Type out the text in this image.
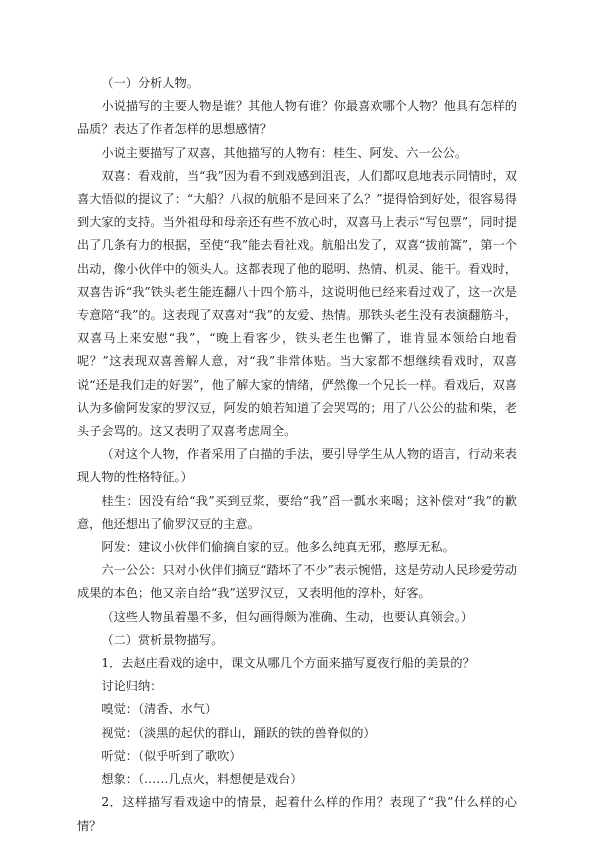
（一）分析人物。

小说描写的主要人物是谁？其他人物有谁？你最喜欢哪个人物？他具有怎样的品质？表达了作者怎样的思想感情？

小说主要描写了双喜，其他描写的人物有：桂生、阿发、六一公公。

双喜：看戏前，当“我”因为看不到戏感到沮丧，人们都叹息地表示同情时，双喜大悟似的提议了：“大船？八叔的航船不是回来了么？”提得恰到好处，很容易得到大家的支持。当外祖母和母亲还有些不放心时，双喜马上表示“写包票”，同时提出了几条有力的根据，至使“我”能去看社戏。航船出发了，双喜“拔前篙”，第一个出动，像小伙伴中的领头人。这都表现了他的聪明、热情、机灵、能干。看戏时，双喜告诉“我”铁头老生能连翻八十四个筋斗，这说明他已经来看过戏了，这一次是专意陪“我”的。这表现了双喜对“我”的友爱、热情。那铁头老生没有表演翻筋斗，双喜马上来安慰“我”，“晚上看客少，铁头老生也懈了，谁肯显本领给白地看呢？”这表现双喜善解人意，对“我”非常体贴。当大家都不想继续看戏时，双喜说“还是我们走的好罢”，他了解大家的情绪，俨然像一个兄长一样。看戏后，双喜认为多偷阿发家的罗汉豆，阿发的娘若知道了会哭骂的；用了八公公的盐和柴，老头子会骂的。这又表明了双喜考虑周全。

（对这个人物，作者采用了白描的手法，要引导学生从人物的语言，行动来表现人物的性格特征。）

桂生：因没有给“我”买到豆浆，要给“我”舀一瓢水来喝；这补偿对“我”的歉意，他还想出了偷罗汉豆的主意。

阿发：建议小伙伴们偷摘自家的豆。他多么纯真无邪，憨厚无私。

六一公公：只对小伙伴们摘豆“踏坏了不少”表示惋惜，这是劳动人民珍爱劳动成果的本色；他又亲自给“我”送罗汉豆，又表明他的淳朴，好客。

（这些人物虽着墨不多，但勾画得颇为准确、生动，也要认真领会。）

（二）赏析景物描写。

1．去赵庄看戏的途中，课文从哪几个方面来描写夏夜行船的美景的？

讨论归纳：

嗅觉：（清香、水气）

视觉：（淡黑的起伏的群山，踊跃的铁的兽脊似的）

听觉：（似乎听到了歌吹）

想象：（……几点火，料想便是戏台）

2．这样描写看戏途中的情景，起着什么样的作用？表现了“我”什么样的心情？
